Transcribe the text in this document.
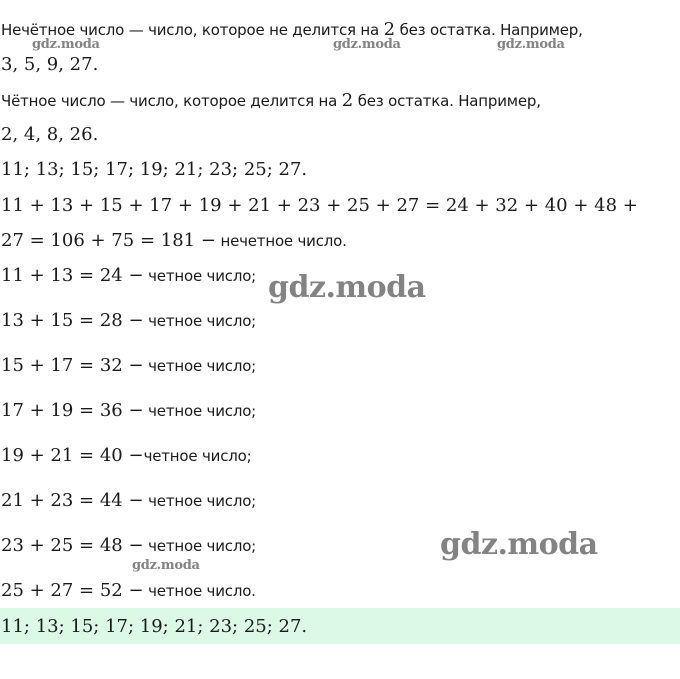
Нечётное число — число, которое не делится на 2 без остатка. Например,
3, 5, 9, 27.
Чётное число — число, которое делится на 2 без остатка. Например,
2, 4, 8, 26.
11; 13; 15; 17; 19; 21; 23; 25; 27.
11 + 13 + 15 + 17 + 19 + 21 + 23 + 25 + 27 = 24 + 32 + 40 + 48 +
27 = 106 + 75 = 181 − нечетное число.
11 + 13 = 24 − четное число;
13 + 15 = 28 − четное число;
15 + 17 = 32 − четное число;
17 + 19 = 36 − четное число;
19 + 21 = 40 −четное число;
21 + 23 = 44 − четное число;
23 + 25 = 48 − четное число;
25 + 27 = 52 − четное число.
11; 13; 15; 17; 19; 21; 23; 25; 27.
gdz.moda	gdz.moda	gdz.moda
gdz.moda
gdz.moda
gdz.moda
